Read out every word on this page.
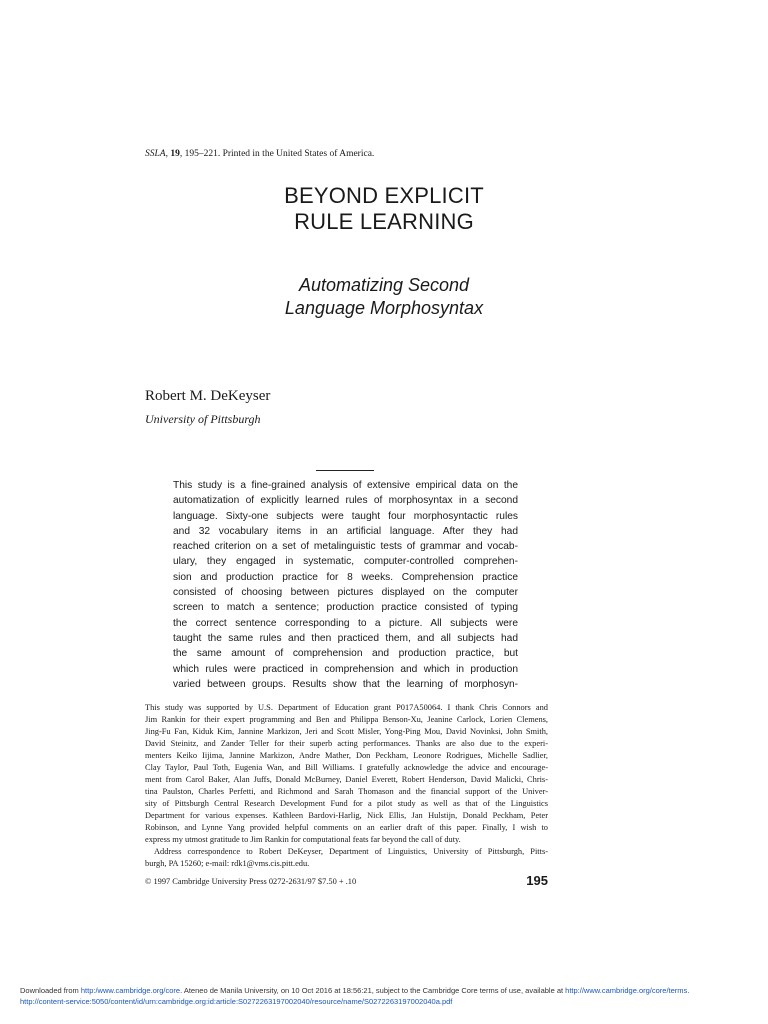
SSLA, 19, 195–221. Printed in the United States of America.
BEYOND EXPLICIT
RULE LEARNING
Automatizing Second
Language Morphosyntax
Robert M. DeKeyser
University of Pittsburgh
This study is a fine-grained analysis of extensive empirical data on the
automatization of explicitly learned rules of morphosyntax in a second
language. Sixty-one subjects were taught four morphosyntactic rules
and 32 vocabulary items in an artificial language. After they had
reached criterion on a set of metalinguistic tests of grammar and vocab-
ulary, they engaged in systematic, computer-controlled comprehen-
sion and production practice for 8 weeks. Comprehension practice
consisted of choosing between pictures displayed on the computer
screen to match a sentence; production practice consisted of typing
the correct sentence corresponding to a picture. All subjects were
taught the same rules and then practiced them, and all subjects had
the same amount of comprehension and production practice, but
which rules were practiced in comprehension and which in production
varied between groups. Results show that the learning of morphosyn-
This study was supported by U.S. Department of Education grant P017A50064. I thank Chris Connors and
Jim Rankin for their expert programming and Ben and Philippa Benson-Xu, Jeanine Carlock, Lorien Clemens,
Jing-Fu Fan, Kiduk Kim, Jannine Markizon, Jeri and Scott Misler, Yong-Ping Mou, David Novinksi, John Smith,
David Steinitz, and Zander Teller for their superb acting performances. Thanks are also due to the experi-
menters Keiko Iijima, Jannine Markizon, Andre Mather, Don Peckham, Leonore Rodrigues, Michelle Sadlier,
Clay Taylor, Paul Toth, Eugenia Wan, and Bill Williams. I gratefully acknowledge the advice and encourage-
ment from Carol Baker, Alan Juffs, Donald McBurney, Daniel Everett, Robert Henderson, David Malicki, Chris-
tina Paulston, Charles Perfetti, and Richmond and Sarah Thomason and the financial support of the Univer-
sity of Pittsburgh Central Research Development Fund for a pilot study as well as that of the Linguistics
Department for various expenses. Kathleen Bardovi-Harlig, Nick Ellis, Jan Hulstijn, Donald Peckham, Peter
Robinson, and Lynne Yang provided helpful comments on an earlier draft of this paper. Finally, I wish to
express my utmost gratitude to Jim Rankin for computational feats far beyond the call of duty.
Address correspondence to Robert DeKeyser, Department of Linguistics, University of Pittsburgh, Pitts-
burgh, PA 15260; e-mail: rdk1@vms.cis.pitt.edu.
© 1997 Cambridge University Press 0272-2631/97 $7.50 + .10	195
Downloaded from http:/www.cambridge.org/core. Ateneo de Manila University, on 10 Oct 2016 at 18:56:21, subject to the Cambridge Core terms of use, available at http://www.cambridge.org/core/terms.
http://content-service:5050/content/id/urn:cambridge.org:id:article:S0272263197002040/resource/name/S0272263197002040a.pdf
